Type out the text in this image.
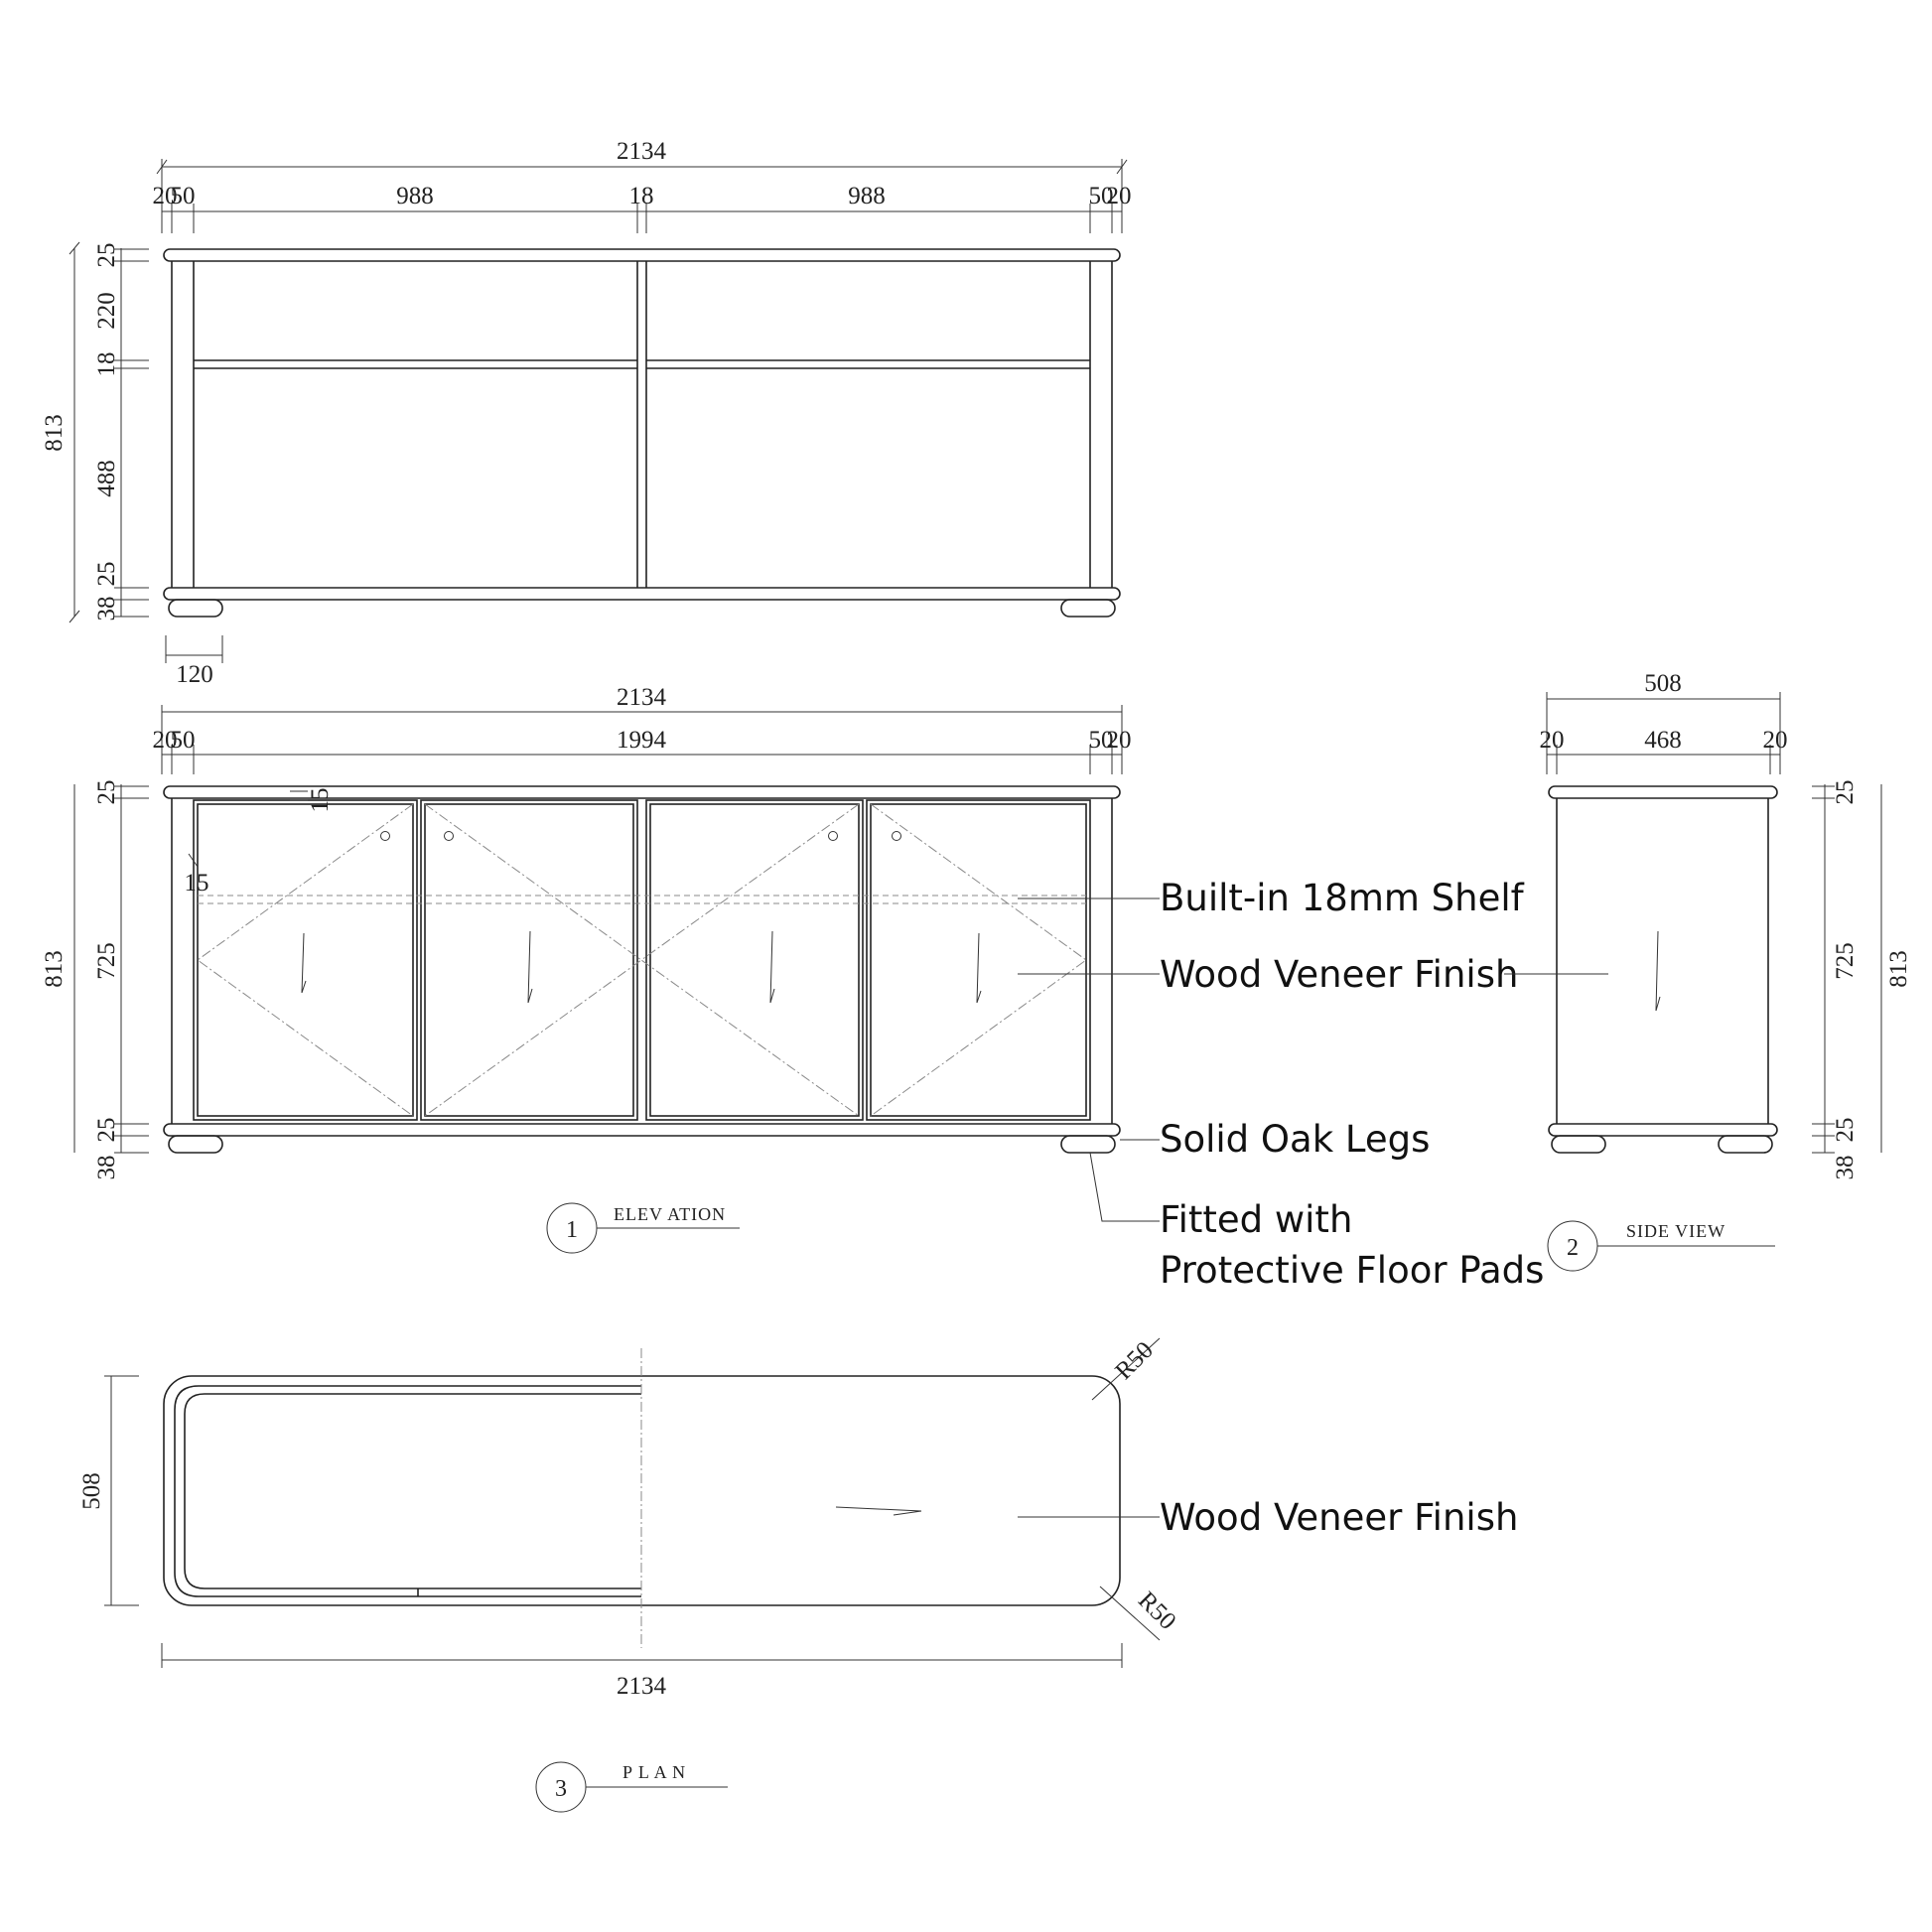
2134
20
50	988	18	988	50
20
813
25
220
18
488
25
38
120
2134
20
50	1994	50
20
15
15
813
25
725
25
38
Built-in 18mm Shelf
Wood Veneer Finish
Solid Oak Legs
Fitted with
Protective Floor Pads
1
ELEV ATION
508
20	468	20
813
25
725
25
38
2
SIDE VIEW
Wood Veneer Finish
R50
R50
508
2134
3
P L A N
